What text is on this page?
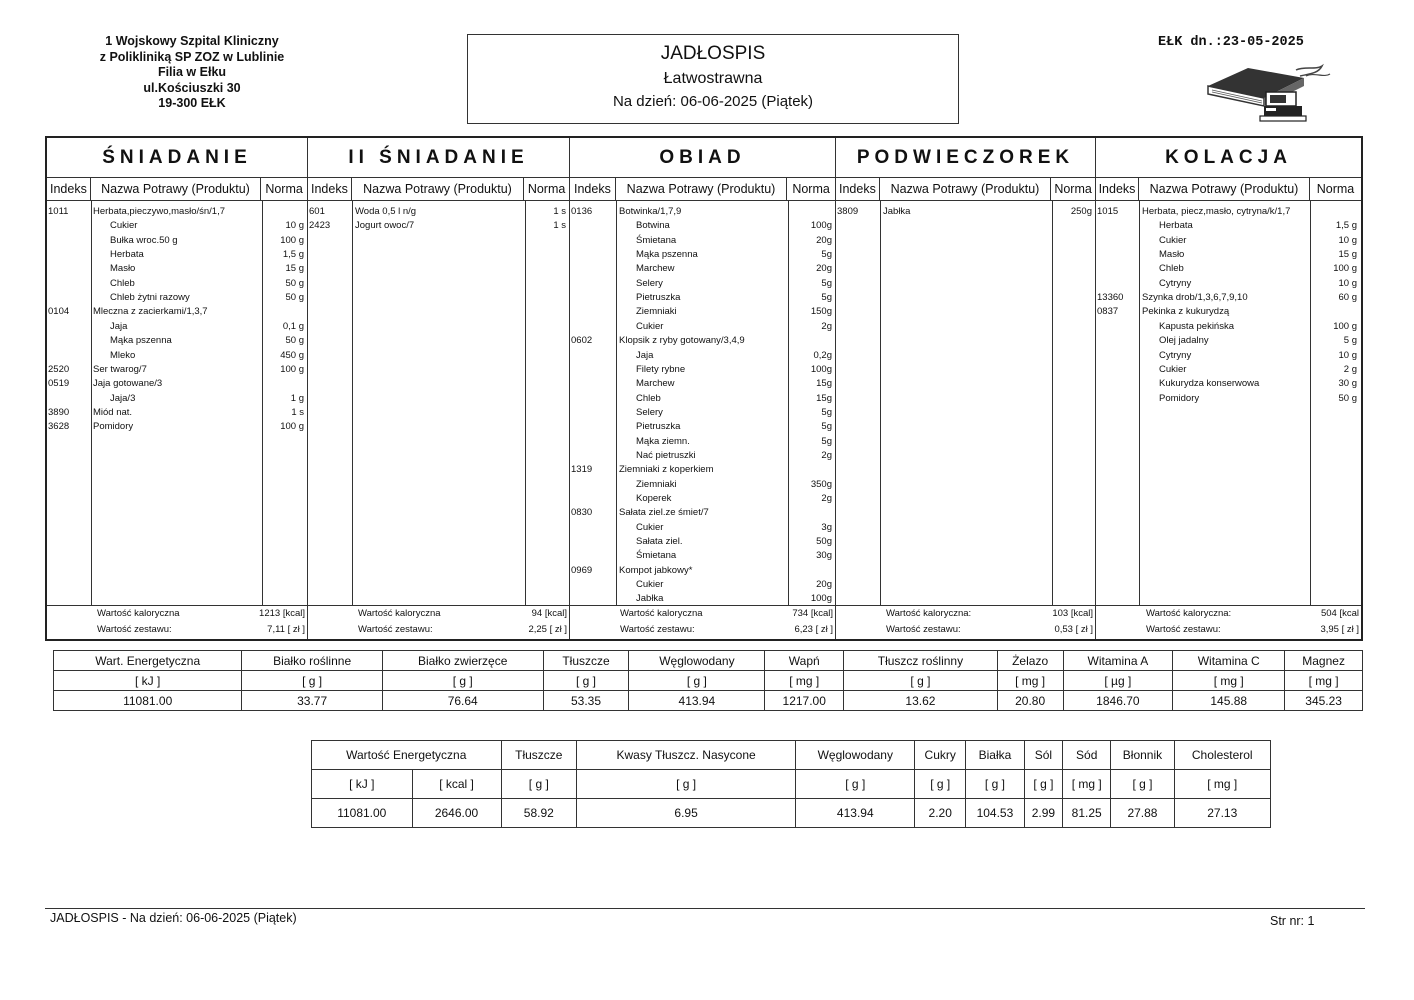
1 Wojskowy Szpital Kliniczny
z Polikliniką SP ZOZ w Lublinie
Filia w Ełku
ul.Kościuszki 30
19-300 EŁK
JADŁOSPIS
Łatwostrawna
Na dzień: 06-06-2025 (Piątek)
EŁK dn.:23-05-2025
ŚNIADANIE
Indeks	Nazwa Potrawy (Produktu)	Norma
1011	Herbata,pieczywo,masło/śn/1,7
Cukier	10 g
Bułka wroc.50 g	100 g
Herbata	1,5 g
Masło	15 g
Chleb	50 g
Chleb żytni razowy	50 g
0104	Mleczna z zacierkami/1,3,7
Jaja	0,1 g
Mąka pszenna	50 g
Mleko	450 g
2520	Ser twarog/7	100 g
0519	Jaja gotowane/3
Jaja/3	1 g
3890	Miód nat.	1 s
3628	Pomidory	100 g
Wartość kaloryczna	1213 [kcal]
Wartość zestawu:	7,11 [ zł ]
II ŚNIADANIE
Indeks	Nazwa Potrawy (Produktu)	Norma
601	Woda 0,5 l n/g	1 s
2423	Jogurt owoc/7	1 s
Wartość kaloryczna	94 [kcal]
Wartość zestawu:	2,25 [ zł ]
OBIAD
Indeks	Nazwa Potrawy (Produktu)	Norma
0136	Botwinka/1,7,9
Botwina	100g
Śmietana	20g
Mąka pszenna	5g
Marchew	20g
Selery	5g
Pietruszka	5g
Ziemniaki	150g
Cukier	2g
0602	Klopsik z ryby gotowany/3,4,9
Jaja	0,2g
Filety rybne	100g
Marchew	15g
Chleb	15g
Selery	5g
Pietruszka	5g
Mąka ziemn.	5g
Nać pietruszki	2g
1319	Ziemniaki z koperkiem
Ziemniaki	350g
Koperek	2g
0830	Sałata ziel.ze śmiet/7
Cukier	3g
Sałata ziel.	50g
Śmietana	30g
0969	Kompot jabkowy*
Cukier	20g
Jabłka	100g
Wartość kaloryczna	734 [kcal]
Wartość zestawu:	6,23 [ zł ]
PODWIECZOREK
Indeks	Nazwa Potrawy (Produktu)	Norma
3809	Jabłka	250g
Wartość kaloryczna:	103 [kcal]
Wartość zestawu:	0,53 [ zł ]
KOLACJA
Indeks	Nazwa Potrawy (Produktu)	Norma
1015	Herbata, piecz,masło, cytryna/k/1,7
Herbata	1,5 g
Cukier	10 g
Masło	15 g
Chleb	100 g
Cytryny	10 g
13360 Szynka drob/1,3,6,7,9,10	60 g
0837	Pekinka z kukurydzą
Kapusta pekińska	100 g
Olej jadalny	5 g
Cytryny	10 g
Cukier	2 g
Kukurydza konserwowa	30 g
Pomidory	50 g
Wartość kaloryczna:	504 [kcal
Wartość zestawu:	3,95 [ zł ]
Wart. Energetyczna	Białko roślinne	Białko zwierzęce	Tłuszcze	Węglowodany	Wapń	Tłuszcz roślinny	Żelazo	Witamina A	Witamina C	Magnez
[ kJ ]	[ g ]	[ g ]	[ g ]	[ g ]	[ mg ]	[ g ]	[ mg ]	[ µg ]	[ mg ]	[ mg ]
11081.00	33.77	76.64	53.35	413.94	1217.00	13.62	20.80	1846.70	145.88	345.23
Wartość Energetyczna		Tłuszcze	Kwasy Tłuszcz. Nasycone	Węglowodany	Cukry	Białka	Sól	Sód	Błonnik	Cholesterol
[ kJ ]	[ kcal ]	[ g ]	[ g ]	[ g ]	[ g ]	[ g ]	[ g ]	[ mg ]	[ g ]	[ mg ]
11081.00	2646.00	58.92	6.95	413.94	2.20	104.53	2.99	81.25	27.88	27.13
JADŁOSPIS - Na dzień: 06-06-2025 (Piątek)	Str nr: 1
